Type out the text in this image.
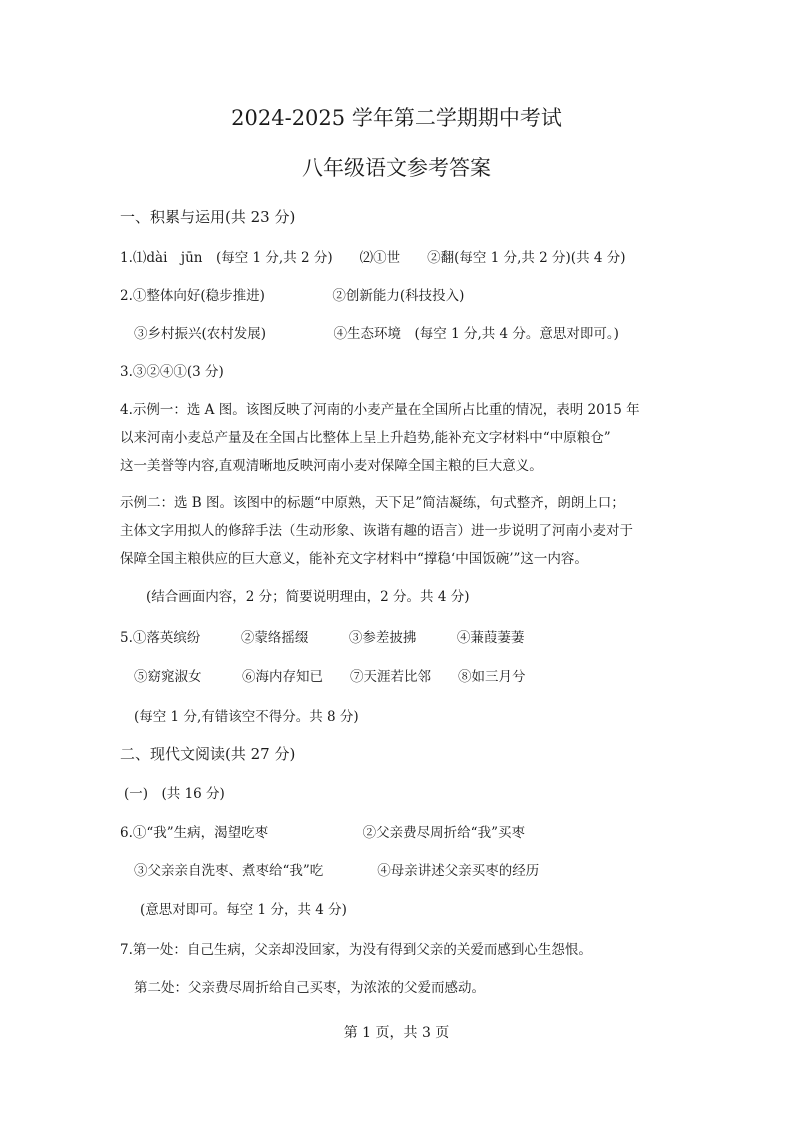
2024-2025 学年第二学期期中考试
八年级语文参考答案
一、积累与运用(共 23 分)
1.⑴dài　jūn　(每空 1 分,共 2 分)　　⑵①世　　②翻(每空 1 分,共 2 分)(共 4 分)
2.①整体向好(稳步推进)　　　　　②创新能力(科技投入)
③乡村振兴(农村发展)　　　　　④生态环境　(每空 1 分,共 4 分。意思对即可。)
3.③②④①(3 分)
4.示例一：选 A 图。该图反映了河南的小麦产量在全国所占比重的情况，表明 2015 年
以来河南小麦总产量及在全国占比整体上呈上升趋势,能补充文字材料中“中原粮仓”
这一美誉等内容,直观清晰地反映河南小麦对保障全国主粮的巨大意义。
示例二：选 B 图。该图中的标题“中原熟，天下足”简洁凝练，句式整齐，朗朗上口；
主体文字用拟人的修辞手法（生动形象、诙谐有趣的语言）进一步说明了河南小麦对于
保障全国主粮供应的巨大意义，能补充文字材料中“撑稳‘中国饭碗’”这一内容。
(结合画面内容，2 分；简要说明理由，2 分。共 4 分)
5.①落英缤纷　　　②蒙络摇缀　　　③参差披拂　　　④蒹葭萋萋
⑤窈窕淑女　　　⑥海内存知已　　⑦天涯若比邻　　⑧如三月兮
(每空 1 分,有错该空不得分。共 8 分)
二、现代文阅读(共 27 分)
(一)　(共 16 分)
6.①“我”生病，渴望吃枣　　　　　　　②父亲费尽周折给“我”买枣
③父亲亲自洗枣、煮枣给“我”吃　　　　④母亲讲述父亲买枣的经历
(意思对即可。每空 1 分，共 4 分)
7.第一处：自己生病，父亲却没回家，为没有得到父亲的关爱而感到心生怨恨。
第二处：父亲费尽周折给自己买枣，为浓浓的父爱而感动。
第 1 页，共 3 页
